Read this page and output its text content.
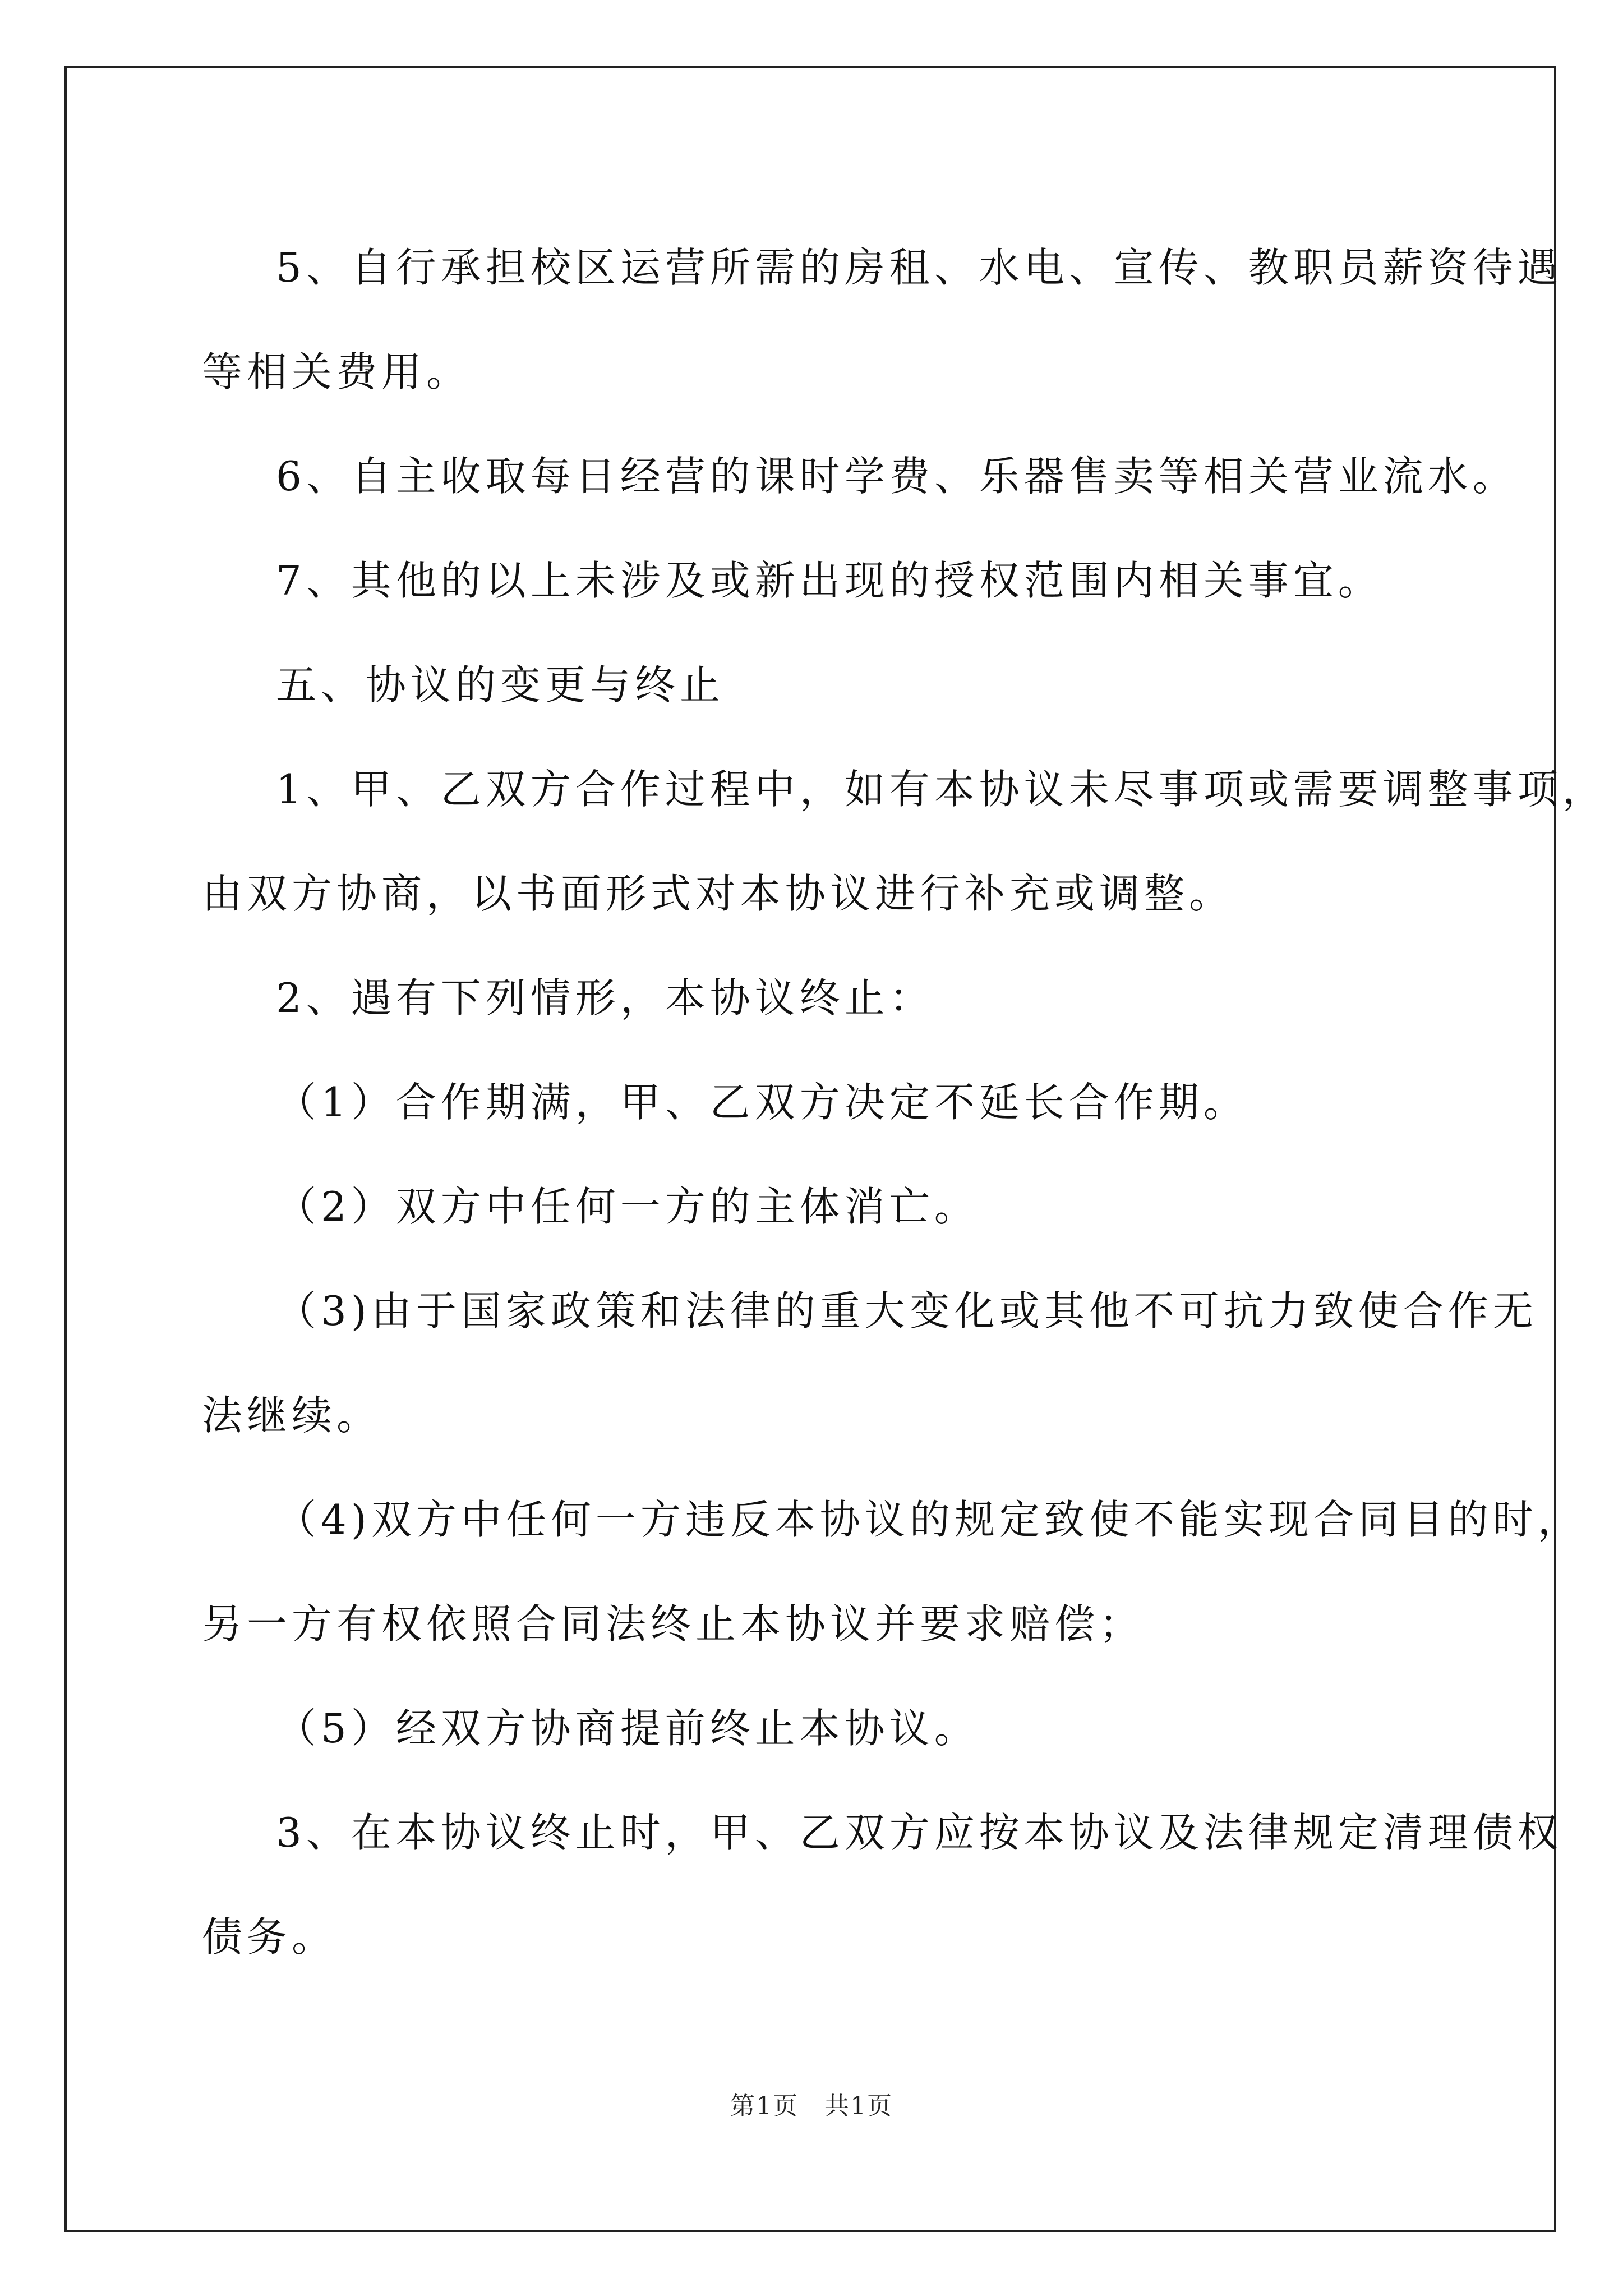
5、自行承担校区运营所需的房租、水电、宣传、教职员薪资待遇

等相关费用。

6、自主收取每日经营的课时学费、乐器售卖等相关营业流水。

7、其他的以上未涉及或新出现的授权范围内相关事宜。

五、协议的变更与终止

1、甲、乙双方合作过程中，如有本协议未尽事项或需要调整事项，

由双方协商，以书面形式对本协议进行补充或调整。

2、遇有下列情形，本协议终止：

（1）合作期满，甲、乙双方决定不延长合作期。

（2）双方中任何一方的主体消亡。

（3)由于国家政策和法律的重大变化或其他不可抗力致使合作无

法继续。

（4)双方中任何一方违反本协议的规定致使不能实现合同目的时，

另一方有权依照合同法终止本协议并要求赔偿；

（5）经双方协商提前终止本协议。

3、在本协议终止时，甲、乙双方应按本协议及法律规定清理债权

债务。

第1页　共1页
